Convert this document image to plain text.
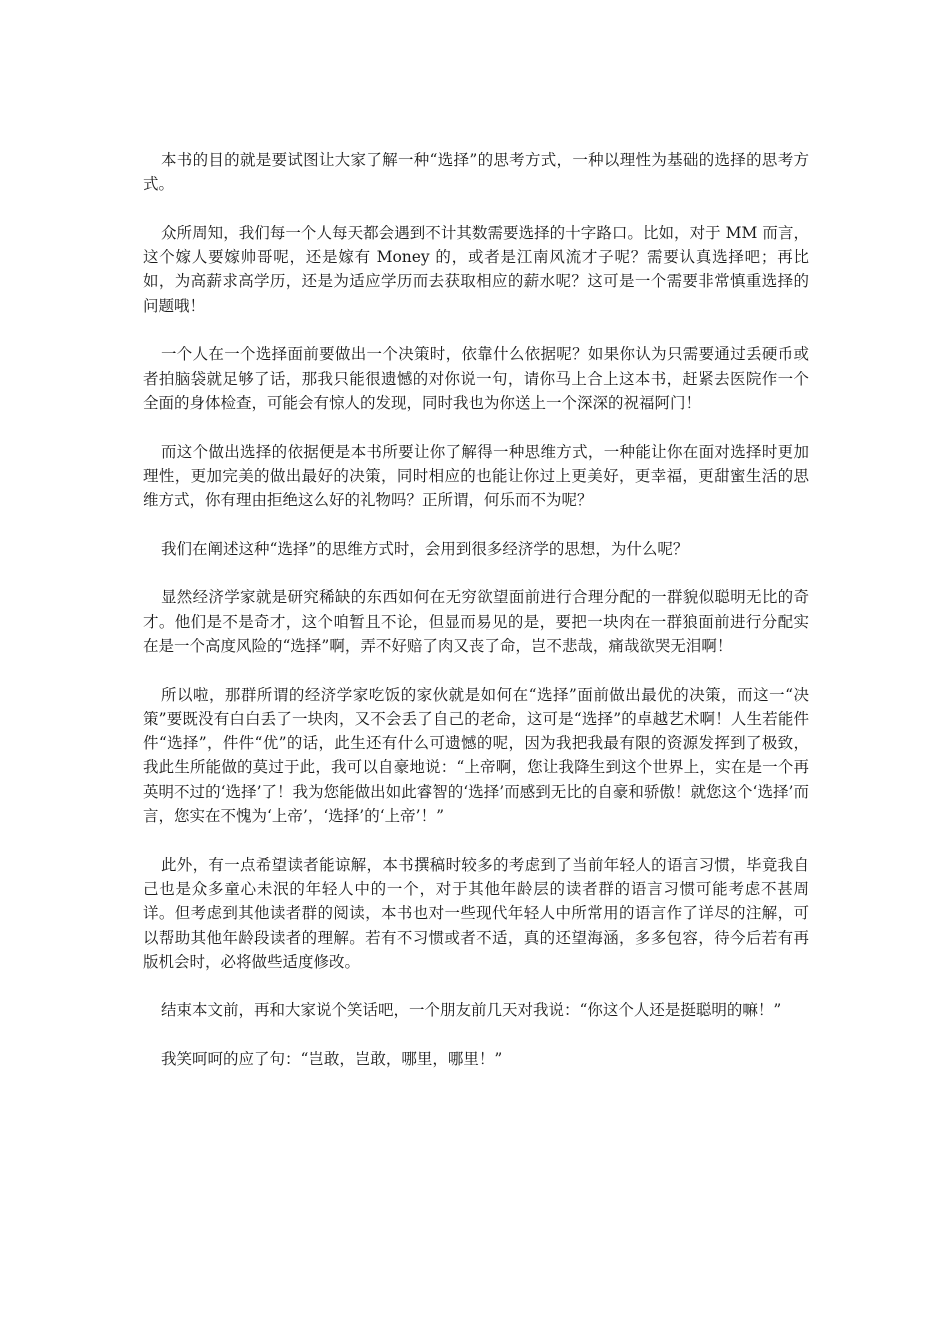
本书的目的就是要试图让大家了解一种“选择”的思考方式，一种以理性为基础的选择的思考方式。

众所周知，我们每一个人每天都会遇到不计其数需要选择的十字路口。比如，对于 MM 而言，这个嫁人要嫁帅哥呢，还是嫁有 Money 的，或者是江南风流才子呢？需要认真选择吧；再比如，为高薪求高学历，还是为适应学历而去获取相应的薪水呢？这可是一个需要非常慎重选择的问题哦！

一个人在一个选择面前要做出一个决策时，依靠什么依据呢？如果你认为只需要通过丢硬币或者拍脑袋就足够了话，那我只能很遗憾的对你说一句，请你马上合上这本书，赶紧去医院作一个全面的身体检查，可能会有惊人的发现，同时我也为你送上一个深深的祝福阿门！

而这个做出选择的依据便是本书所要让你了解得一种思维方式，一种能让你在面对选择时更加理性，更加完美的做出最好的决策，同时相应的也能让你过上更美好，更幸福，更甜蜜生活的思维方式，你有理由拒绝这么好的礼物吗？正所谓，何乐而不为呢？

我们在阐述这种“选择”的思维方式时，会用到很多经济学的思想，为什么呢？

显然经济学家就是研究稀缺的东西如何在无穷欲望面前进行合理分配的一群貌似聪明无比的奇才。他们是不是奇才，这个咱暂且不论，但显而易见的是，要把一块肉在一群狼面前进行分配实在是一个高度风险的“选择”啊，弄不好赔了肉又丧了命，岂不悲哉，痛哉欲哭无泪啊！

所以啦，那群所谓的经济学家吃饭的家伙就是如何在“选择”面前做出最优的决策，而这一“决策”要既没有白白丢了一块肉，又不会丢了自己的老命，这可是“选择”的卓越艺术啊！人生若能件件“选择”，件件“优”的话，此生还有什么可遗憾的呢，因为我把我最有限的资源发挥到了极致，我此生所能做的莫过于此，我可以自豪地说：“上帝啊，您让我降生到这个世界上，实在是一个再英明不过的‘选择’了！我为您能做出如此睿智的‘选择’而感到无比的自豪和骄傲！就您这个‘选择’而言，您实在不愧为‘上帝’，‘选择’的‘上帝’！”

此外，有一点希望读者能谅解，本书撰稿时较多的考虑到了当前年轻人的语言习惯，毕竟我自己也是众多童心未泯的年轻人中的一个，对于其他年龄层的读者群的语言习惯可能考虑不甚周详。但考虑到其他读者群的阅读，本书也对一些现代年轻人中所常用的语言作了详尽的注解，可以帮助其他年龄段读者的理解。若有不习惯或者不适，真的还望海涵，多多包容，待今后若有再版机会时，必将做些适度修改。

结束本文前，再和大家说个笑话吧，一个朋友前几天对我说：“你这个人还是挺聪明的嘛！”

我笑呵呵的应了句：“岂敢，岂敢，哪里，哪里！”
